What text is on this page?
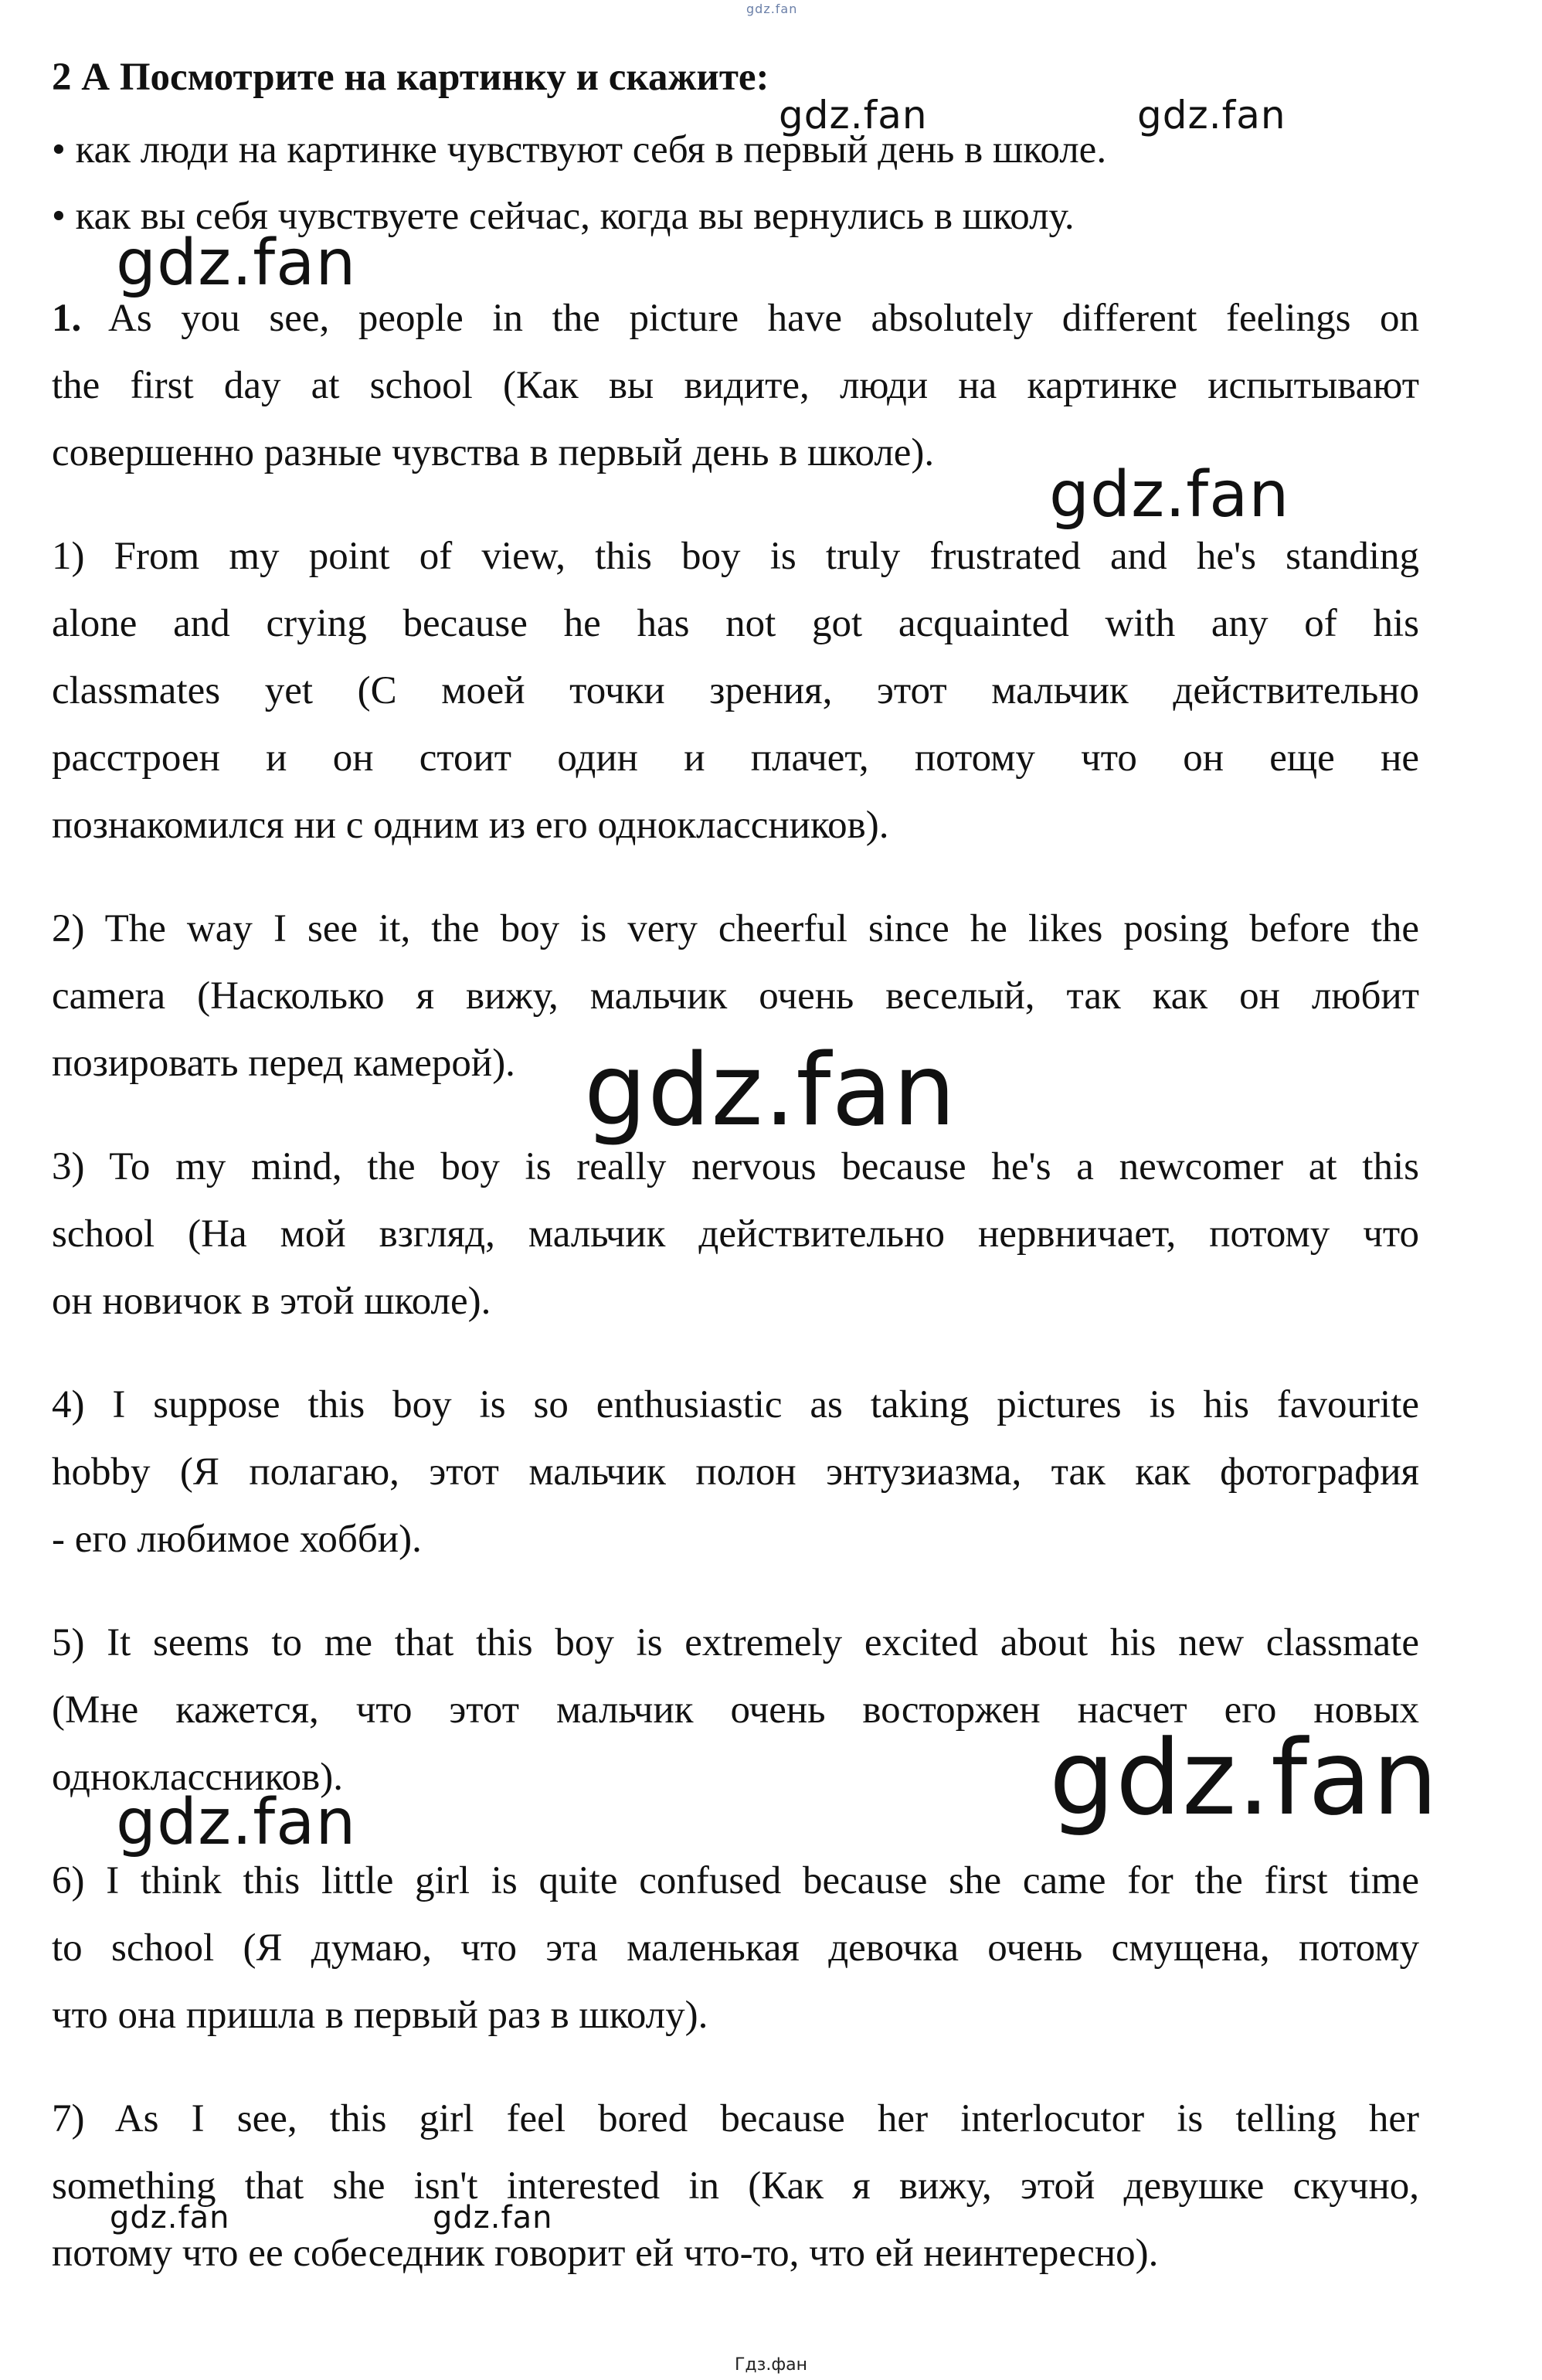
2 А Посмотрите на картинку и скажите:
• как люди на картинке чувствуют себя в первый день в школе.
• как вы себя чувствуете сейчас, когда вы вернулись в школу.
1. As you see, people in the picture have absolutely different feelings on
the first day at school (Как вы видите, люди на картинке испытывают
совершенно разные чувства в первый день в школе).
1) From my point of view, this boy is truly frustrated and he's standing
alone and crying because he has not got acquainted with any of his
classmates yet (С моей точки зрения, этот мальчик действительно
расстроен и он стоит один и плачет, потому что он еще не
познакомился ни с одним из его одноклассников).
2) The way I see it, the boy is very cheerful since he likes posing before the
camera (Насколько я вижу, мальчик очень веселый, так как он любит
позировать перед камерой).
3) To my mind, the boy is really nervous because he's a newcomer at this
school (На мой взгляд, мальчик действительно нервничает, потому что
он новичок в этой школе).
4) I suppose this boy is so enthusiastic as taking pictures is his favourite
hobby (Я полагаю, этот мальчик полон энтузиазма, так как фотография
- его любимое хобби).
5) It seems to me that this boy is extremely excited about his new classmate
(Мне кажется, что этот мальчик очень восторжен насчет его новых
одноклассников).
6) I think this little girl is quite confused because she came for the first time
to school (Я думаю, что эта маленькая девочка очень смущена, потому
что она пришла в первый раз в школу).
7) As I see, this girl feel bored because her interlocutor is telling her
something that she isn't interested in (Как я вижу, этой девушке скучно,
потому что ее собеседник говорит ей что-то, что ей неинтересно).
gdz.fan
gdz.fan	gdz.fan
gdz.fan
gdz.fan
gdz.fan
gdz.fan
gdz.fan
gdz.fan	gdz.fan
Гдз.фан
